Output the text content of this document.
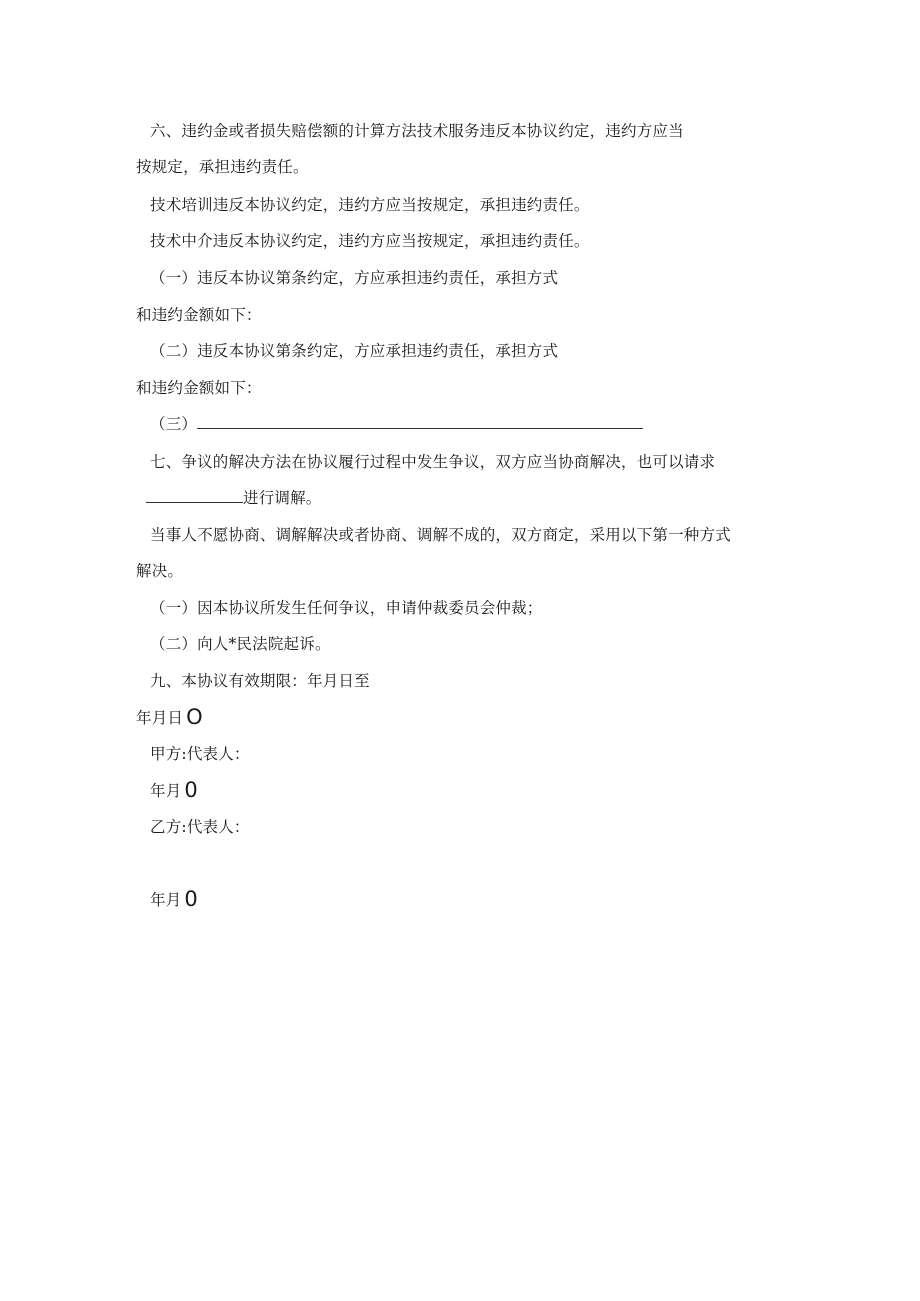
六、违约金或者损失赔偿额的计算方法技术服务违反本协议约定，违约方应当
按规定，承担违约责任。
技术培训违反本协议约定，违约方应当按规定，承担违约责任。
技术中介违反本协议约定，违约方应当按规定，承担违约责任。
（一）违反本协议第条约定，方应承担违约责任，承担方式
和违约金额如下：
（二）违反本协议第条约定，方应承担违约责任，承担方式
和违约金额如下：
（三）
七、争议的解决方法在协议履行过程中发生争议，双方应当协商解决，也可以请求
进行调解。
当事人不愿协商、调解解决或者协商、调解不成的，双方商定，采用以下第一种方式
解决。
（一）因本协议所发生任何争议，申请仲裁委员会仲裁；
（二）向人*民法院起诉。
九、本协议有效期限：年月日至
年月日 O
甲方:代表人：
年月 0
乙方:代表人：
年月 0
